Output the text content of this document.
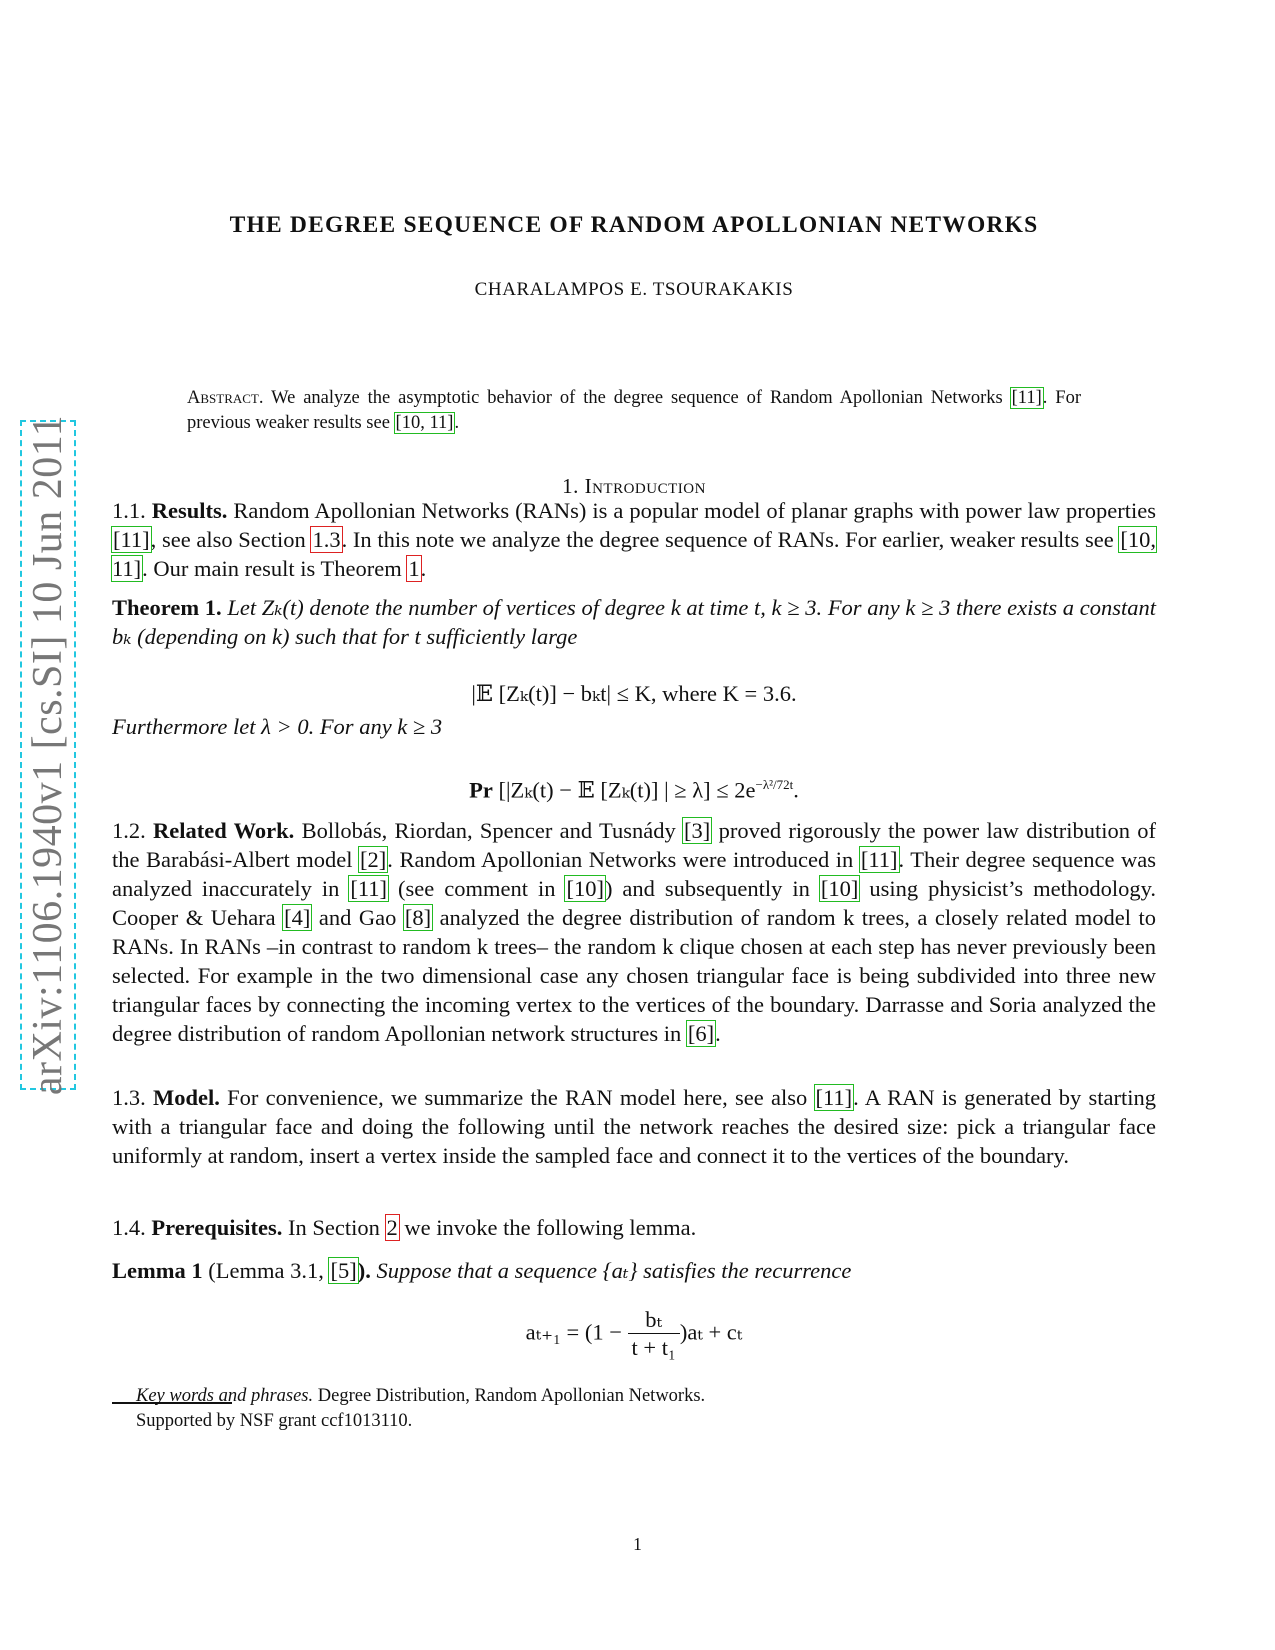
arXiv:1106.1940v1 [cs.SI] 10 Jun 2011
THE DEGREE SEQUENCE OF RANDOM APOLLONIAN NETWORKS
CHARALAMPOS E. TSOURAKAKIS
Abstract. We analyze the asymptotic behavior of the degree sequence of Random Apollonian Networks [11]. For previous weaker results see [10, 11].
1. Introduction
1.1. Results. Random Apollonian Networks (RANs) is a popular model of planar graphs with power law properties [11], see also Section 1.3. In this note we analyze the degree sequence of RANs. For earlier, weaker results see [10, 11]. Our main result is Theorem 1.
Theorem 1. Let Zₖ(t) denote the number of vertices of degree k at time t, k ≥ 3. For any k ≥ 3 there exists a constant bₖ (depending on k) such that for t sufficiently large
|𝔼 [Zₖ(t)] − bₖt| ≤ K, where K = 3.6.
Furthermore let λ > 0. For any k ≥ 3
Pr [|Zₖ(t) − 𝔼 [Zₖ(t)] | ≥ $\lambda] \le 2e^{-\lambda^2/72t}$.
1.2. Related Work. Bollobás, Riordan, Spencer and Tusnády [3] proved rigorously the power law distribution of the Barabási-Albert model [2]. Random Apollonian Networks were introduced in [11]. Their degree sequence was analyzed inaccurately in [11] (see comment in [10]) and subsequently in [10] using physicist’s methodology. Cooper & Uehara [4] and Gao [8] analyzed the degree distribution of random k trees, a closely related model to RANs. In RANs –in contrast to random k trees– the random k clique chosen at each step has never previously been selected. For example in the two dimensional case any chosen triangular face is being subdivided into three new triangular faces by connecting the incoming vertex to the vertices of the boundary. Darrasse and Soria analyzed the degree distribution of random Apollonian network structures in [6].
1.3. Model. For convenience, we summarize the RAN model here, see also [11]. A RAN is generated by starting with a triangular face and doing the following until the network reaches the desired size: pick a triangular face uniformly at random, insert a vertex inside the sampled face and connect it to the vertices of the boundary.
1.4. Prerequisites. In Section 2 we invoke the following lemma.
Lemma 1 (Lemma 3.1, [5]). Suppose that a sequence {aₜ} satisfies the recurrence
$a_{t+1} = (1 - \frac{\text{bₜ}}{\text{t + t₁}} )a_t + c_t$
Key words and phrases. Degree Distribution, Random Apollonian Networks.
Supported by NSF grant ccf1013110.
1
